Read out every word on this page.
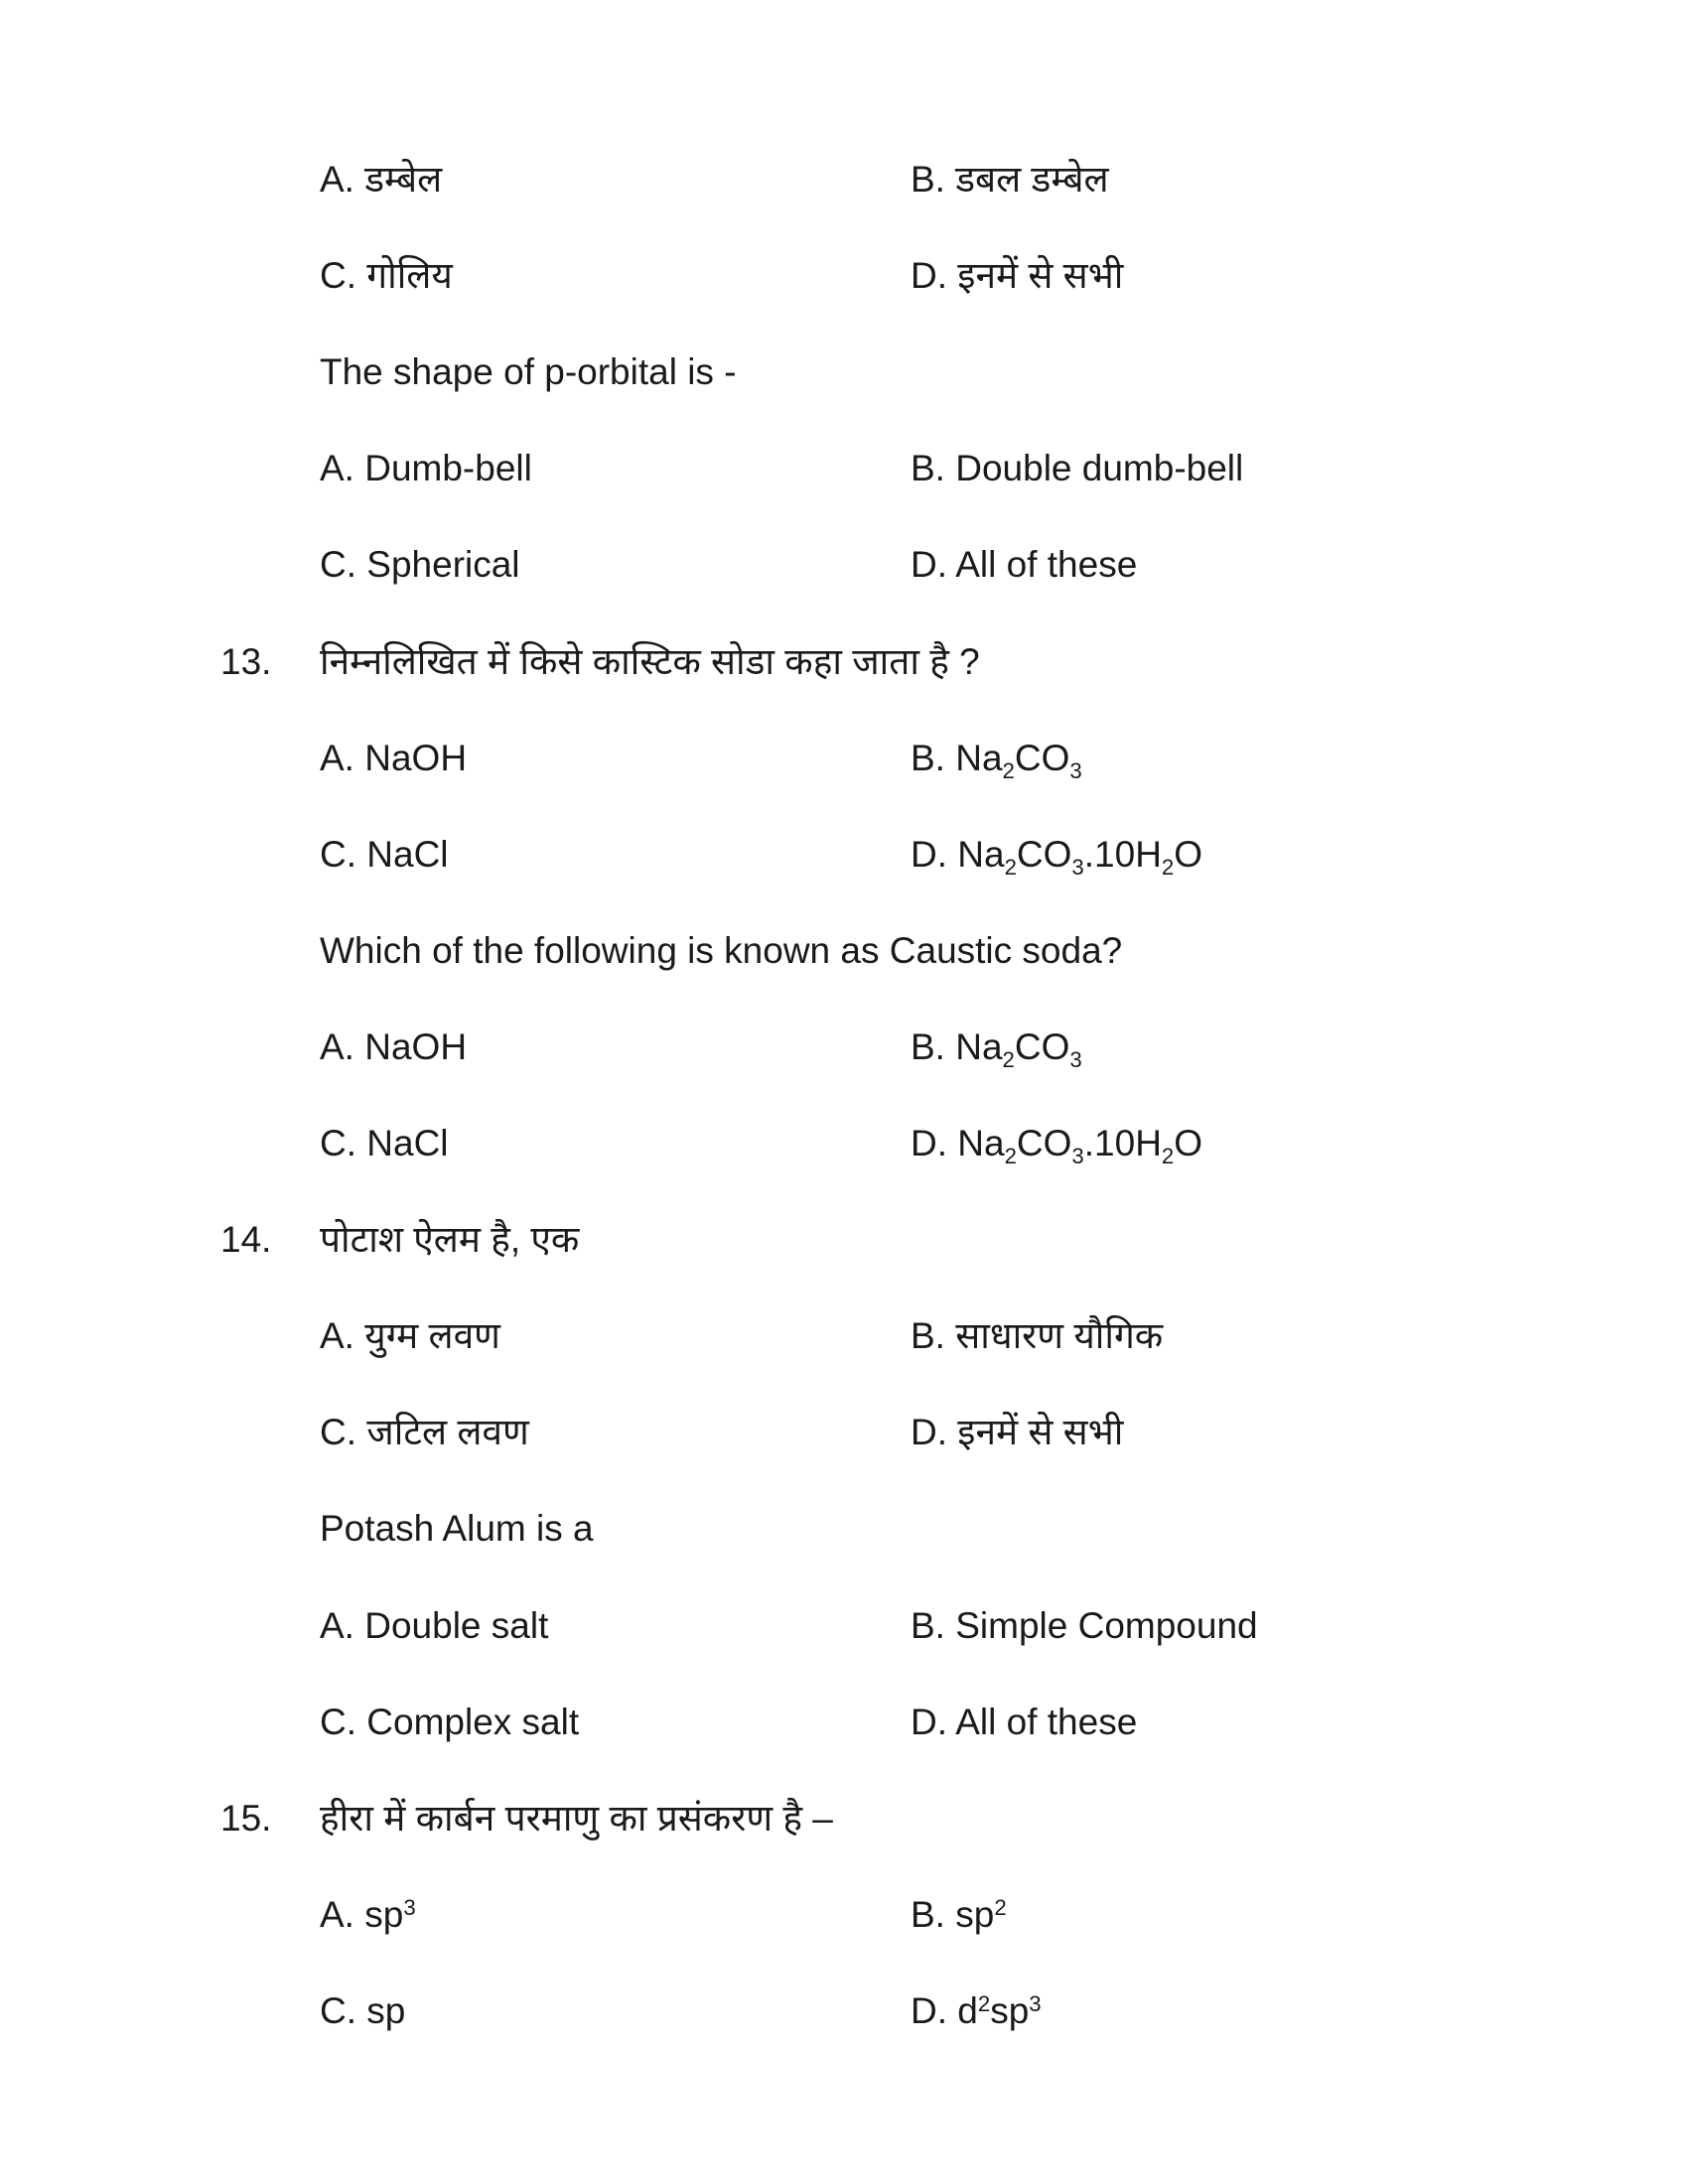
A. डम्बेल	B. डबल डम्बेल
C. गोलिय	D. इनमें से सभी
The shape of p-orbital is -
A. Dumb-bell	B. Double dumb-bell
C. Spherical	D. All of these
13. निम्नलिखित में किसे कास्टिक सोडा कहा जाता है ?
A. NaOH	B. $Na_2CO_3$
C. NaCl	D. $Na_2CO_3.10H_2O$
Which of the following is known as Caustic soda?
A. NaOH	B. $Na_2CO_3$
C. NaCl	D. $Na_2CO_3.10H_2O$
14. पोटाश ऐलम है, एक
A. युग्म लवण	B. साधारण यौगिक
C. जटिल लवण	D. इनमें से सभी
Potash Alum is a
A. Double salt	B. Simple Compound
C. Complex salt	D. All of these
15. हीरा में कार्बन परमाणु का प्रसंकरण है –
A. $sp^3$	B. $sp^2$
C. sp	D. $d^2sp^3$
